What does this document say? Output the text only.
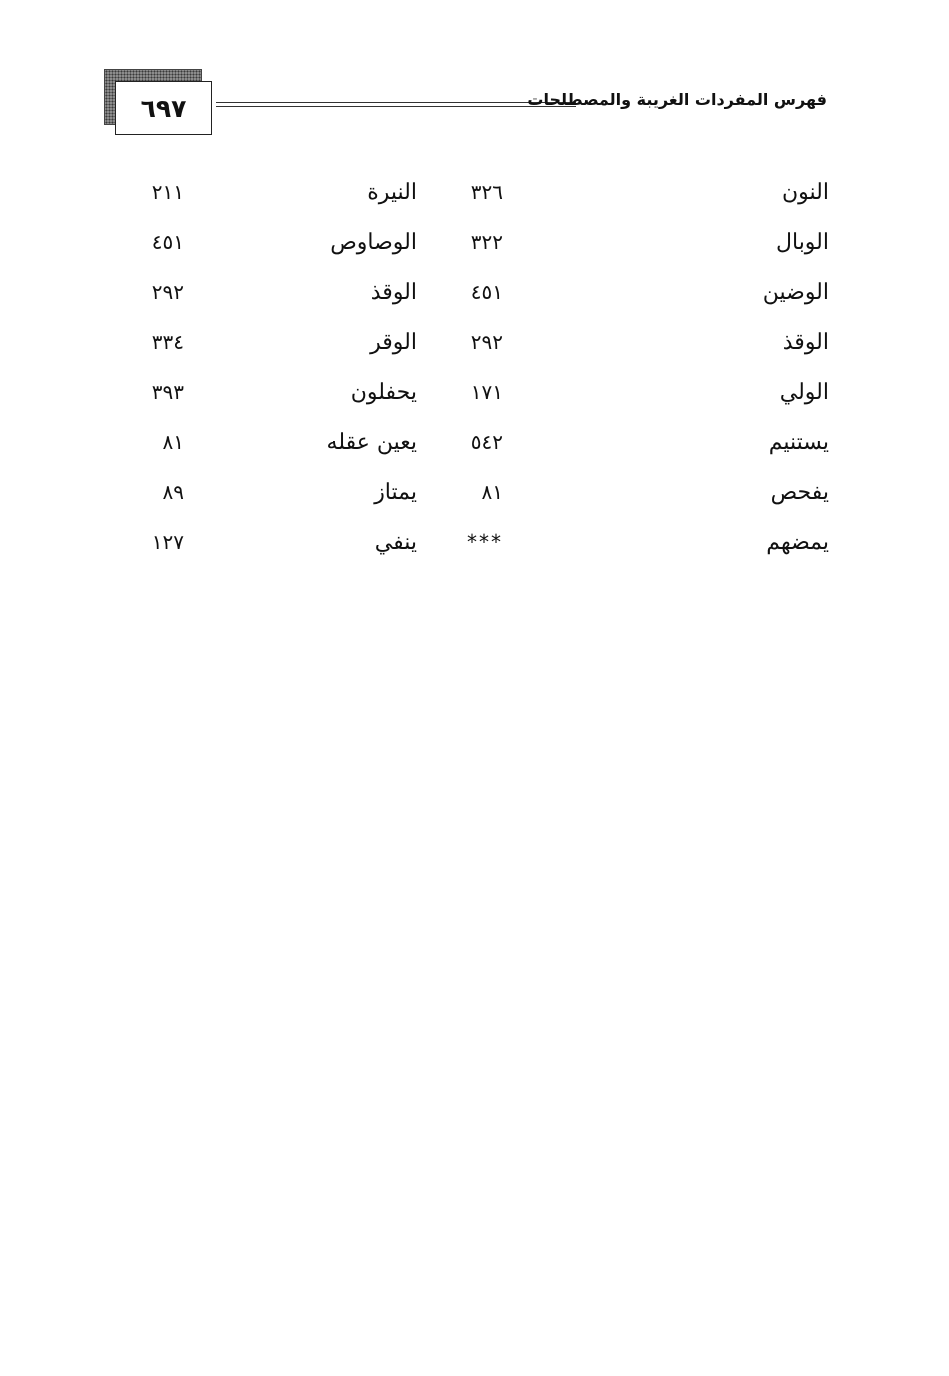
٦٩٧	فهرس المفردات الغريبة والمصطلحات
النون
٣٢٦
النيرة
٢١١
الوبال
٣٢٢
الوصاوص
٤٥١
الوضين
٤٥١
الوقذ
٢٩٢
الوقذ
٢٩٢
الوقر
٣٣٤
الولي
١٧١
يحفلون
٣٩٣
يستنيم
٥٤٢
يعين عقله
٨١
يفحص
٨١
يمتاز
٨٩
يمضهم
***
ينفي
١٢٧
